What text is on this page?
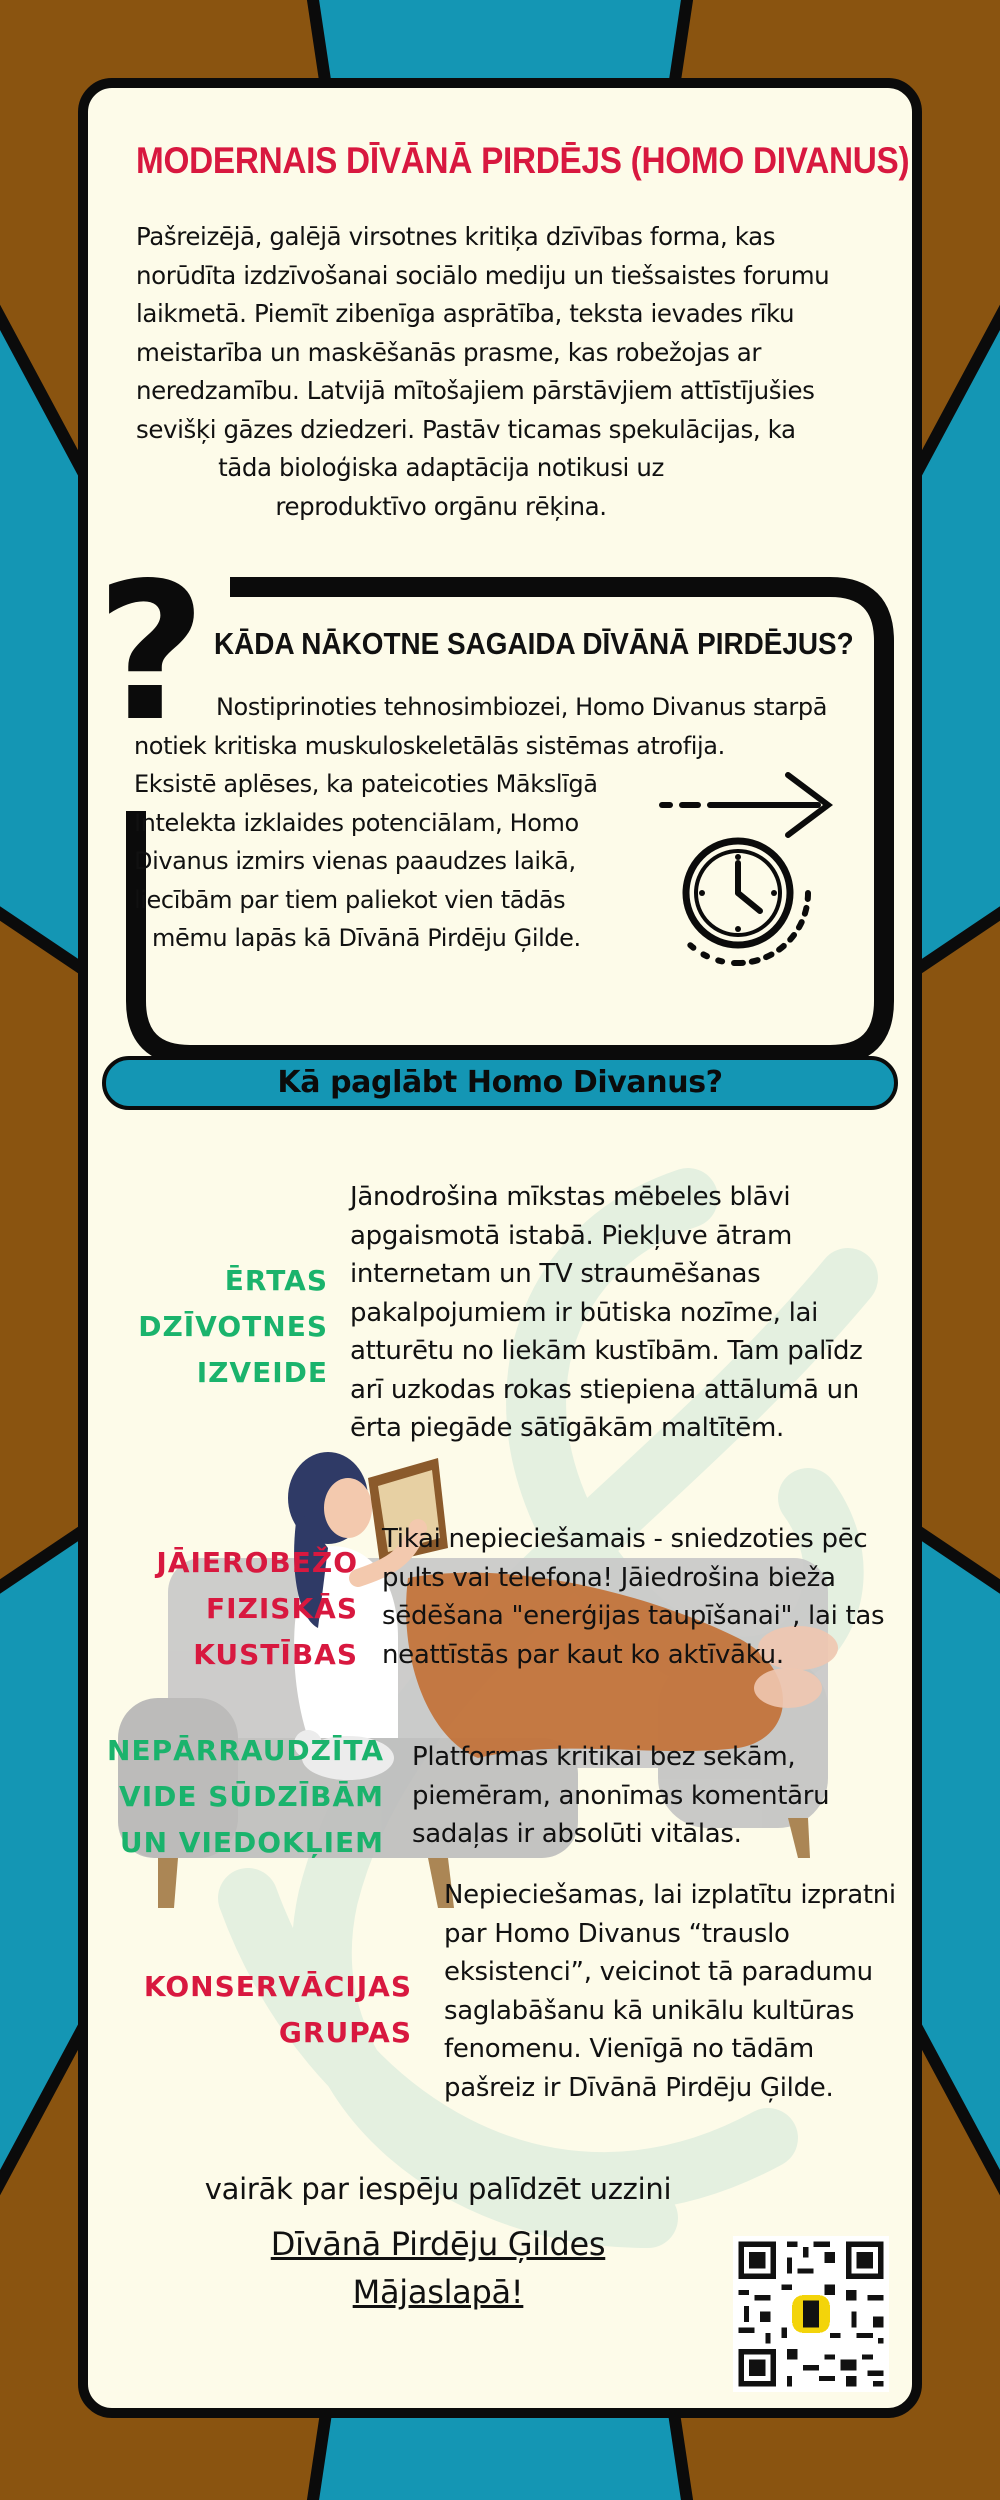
MODERNAIS DĪVĀNĀ PIRDĒJS (HOMO DIVANUS)
Pašreizējā, galējā virsotnes kritiķa dzīvības forma, kas
norūdīta izdzīvošanai sociālo mediju un tiešsaistes forumu
laikmetā. Piemīt zibenīga asprātība, teksta ievades rīku
meistarība un maskēšanās prasme, kas robežojas ar
neredzamību. Latvijā mītošajiem pārstāvjiem attīstījušies
sevišķi gāzes dziedzeri. Pastāv ticamas spekulācijas, ka
tāda bioloģiska adaptācija notikusi uz
reproduktīvo orgānu rēķina.
? KĀDA NĀKOTNE SAGAIDA DĪVĀNĀ PIRDĒJUS?
Nostiprinoties tehnosimbiozei, Homo Divanus starpā
notiek kritiska muskuloskeletālās sistēmas atrofija.
Eksistē aplēses, ka pateicoties Mākslīgā Intelekta izklaides potenciālam, Homo Divanus izmirs vienas paaudzes laikā, liecībām par tiem paliekot vien tādās
mēmu lapās kā Dīvānā Pirdēju Ģilde.
Kā paglābt Homo Divanus?
ĒRTAS DZĪVOTNES IZVEIDE
Jānodrošina mīkstas mēbeles blāvi apgaismotā istabā. Piekļuve ātram internetam un TV straumēšanas pakalpojumiem ir būtiska nozīme, lai atturētu no liekām kustībām. Tam palīdz arī uzkodas rokas stiepiena attālumā un ērta piegāde sātīgākām maltītēm.
JĀIEROBEŽO FIZISKĀS KUSTĪBAS
Tikai nepieciešamais - sniedzoties pēc pults vai telefona! Jāiedrošina bieža sēdēšana "enerģijas taupīšanai", lai tas neattīstās par kaut ko aktīvāku.
NEPĀRRAUDZĪTA VIDE SŪDZĪBĀM UN VIEDOKĻIEM
Platformas kritikai bez sekām, piemēram, anonīmas komentāru sadaļas ir absolūti vitālas.
KONSERVĀCIJAS GRUPAS
Nepieciešamas, lai izplatītu izpratni par Homo Divanus “trauslo eksistenci”, veicinot tā paradumu saglabāšanu kā unikālu kultūras fenomenu. Vienīgā no tādām pašreiz ir Dīvānā Pirdēju Ģilde.
vairāk par iespēju palīdzēt uzzini
Dīvānā Pirdēju Ģildes
Mājaslapā!
